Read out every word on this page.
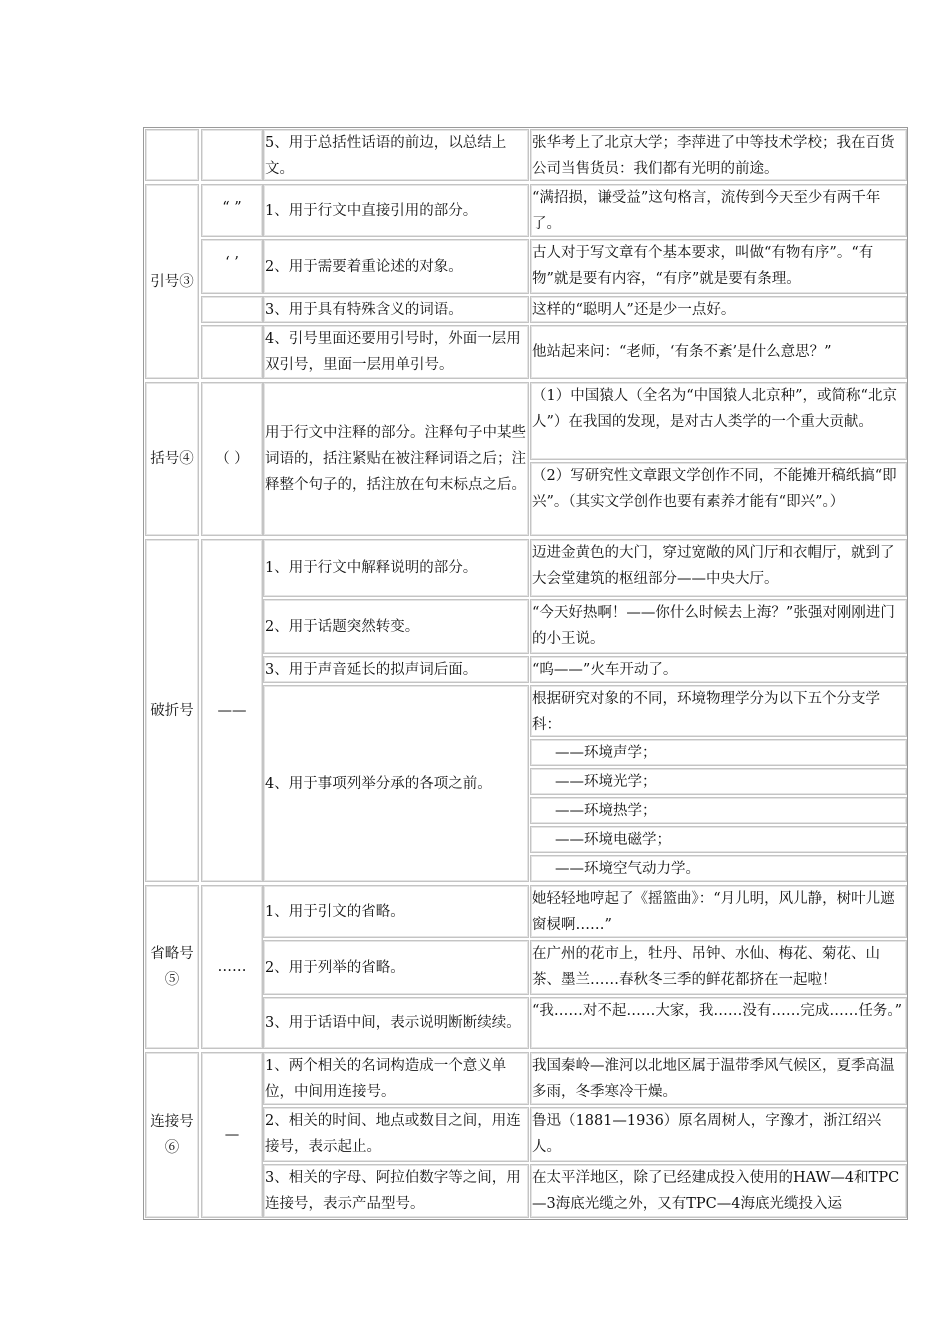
5、用于总括性话语的前边，以总结上文。
张华考上了北京大学；李萍进了中等技术学校；我在百货公司当售货员：我们都有光明的前途。
引号③
“ ”
‘ ’
1、用于行文中直接引用的部分。
“满招损，谦受益”这句格言，流传到今天至少有两千年了。
2、用于需要着重论述的对象。
古人对于写文章有个基本要求，叫做“有物有序”。“有物”就是要有内容，“有序”就是要有条理。
3、用于具有特殊含义的词语。	这样的“聪明人”还是少一点好。
4、引号里面还要用引号时，外面一层用双引号，里面一层用单引号。
他站起来问：“老师，‘有条不紊’是什么意思？”
括号④ （ ）
用于行文中注释的部分。注释句子中某些词语的，括注紧贴在被注释词语之后；注释整个句子的，括注放在句末标点之后。
（1）中国猿人（全名为“中国猿人北京种”，或简称“北京人”）在我国的发现，是对古人类学的一个重大贡献。
（2）写研究性文章跟文学创作不同，不能摊开稿纸搞“即兴”。（其实文学创作也要有素养才能有“即兴”。）
破折号 ——
1、用于行文中解释说明的部分。
迈进金黄色的大门，穿过宽敞的风门厅和衣帽厅，就到了大会堂建筑的枢纽部分——中央大厅。
2、用于话题突然转变。
“今天好热啊！——你什么时候去上海？”张强对刚刚进门的小王说。
3、用于声音延长的拟声词后面。	“呜——”火车开动了。
4、用于事项列举分承的各项之前。
根据研究对象的不同，环境物理学分为以下五个分支学科：
——环境声学；
——环境光学；
——环境热学；
——环境电磁学；
——环境空气动力学。
省略号⑤
……
1、用于引文的省略。
她轻轻地哼起了《摇篮曲》：“月儿明，风儿静，树叶儿遮窗棂啊……”
2、用于列举的省略。
在广州的花市上，牡丹、吊钟、水仙、梅花、菊花、山茶、墨兰……春秋冬三季的鲜花都挤在一起啦！
3、用于话语中间，表示说明断断续续。
“我……对不起……大家，我……没有……完成……任务。”
连接号⑥
—
1、两个相关的名词构造成一个意义单位，中间用连接号。
我国秦岭—淮河以北地区属于温带季风气候区，夏季高温多雨，冬季寒冷干燥。
2、相关的时间、地点或数目之间，用连接号，表示起止。
鲁迅（1881—1936）原名周树人，字豫才，浙江绍兴人。
3、相关的字母、阿拉伯数字等之间，用连接号，表示产品型号。
在太平洋地区，除了已经建成投入使用的HAW—4和TPC—3海底光缆之外，又有TPC—4海底光缆投入运
